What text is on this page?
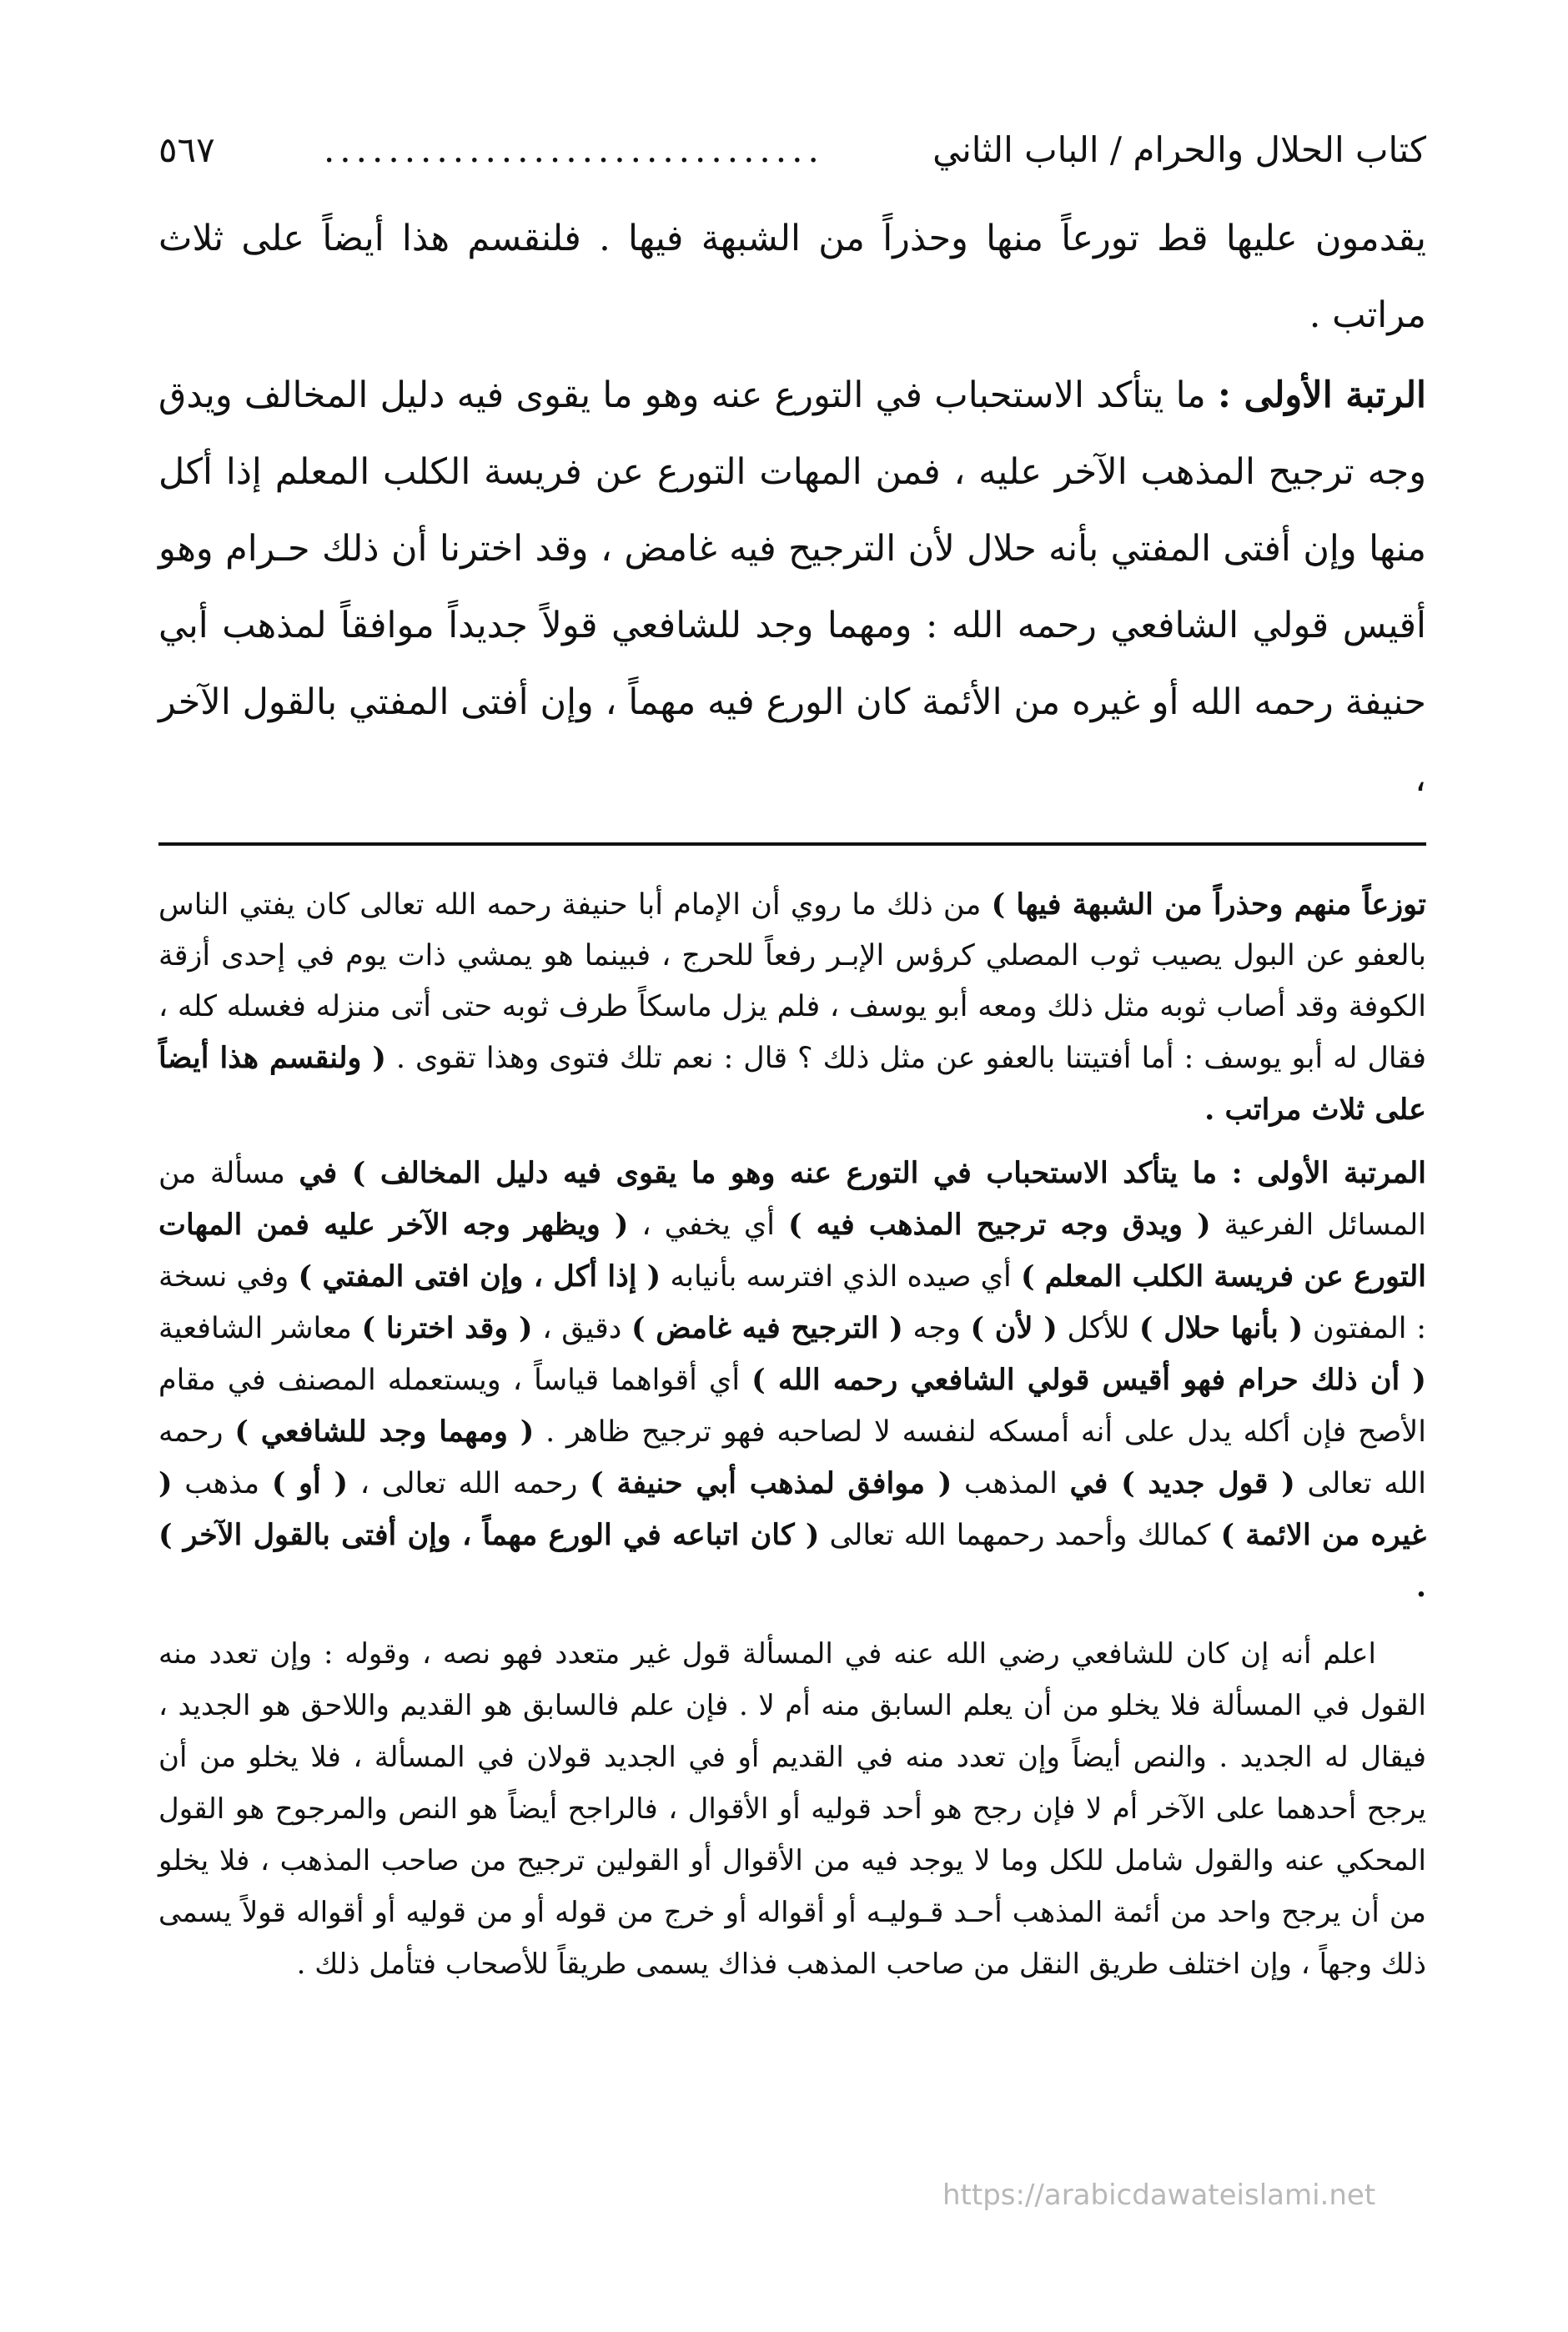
كتاب الحلال والحرام / الباب الثاني
...............................
٥٦٧

يقدمون عليها قط تورعاً منها وحذراً من الشبهة فيها . فلنقسم هذا أيضاً على ثلاث مراتب .

الرتبة الأولى : ما يتأكد الاستحباب في التورع عنه وهو ما يقوى فيه دليل المخالف ويدق وجه ترجيح المذهب الآخر عليه ، فمن المهات التورع عن فريسة الكلب المعلم إذا أكل منها وإن أفتى المفتي بأنه حلال لأن الترجيح فيه غامض ، وقد اخترنا أن ذلك حـرام وهو أقيس قولي الشافعي رحمه الله : ومهما وجد للشافعي قولاً جديداً موافقاً لمذهب أبي حنيفة رحمه الله أو غيره من الأئمة كان الورع فيه مهماً ، وإن أفتى المفتي بالقول الآخر ،

توزعاً منهم وحذراً من الشبهة فيها ) من ذلك ما روي أن الإمام أبا حنيفة رحمه الله تعالى كان يفتي الناس بالعفو عن البول يصيب ثوب المصلي كرؤس الإبـر رفعاً للحرج ، فبينما هو يمشي ذات يوم في إحدى أزقة الكوفة وقد أصاب ثوبه مثل ذلك ومعه أبو يوسف ، فلم يزل ماسكاً طرف ثوبه حتى أتى منزله فغسله كله ، فقال له أبو يوسف : أما أفتيتنا بالعفو عن مثل ذلك ؟ قال : نعم تلك فتوى وهذا تقوى . ( ولنقسم هذا أيضاً على ثلاث مراتب .

المرتبة الأولى : ما يتأكد الاستحباب في التورع عنه وهو ما يقوى فيه دليل المخالف ) في مسألة من المسائل الفرعية ( ويدق وجه ترجيح المذهب فيه ) أي يخفي ، ( ويظهر وجه الآخر عليه فمن المهات التورع عن فريسة الكلب المعلم ) أي صيده الذي افترسه بأنيابه ( إذا أكل ، وإن افتى المفتي ) وفي نسخة : المفتون ( بأنها حلال ) للأكل ( لأن ) وجه ( الترجيح فيه غامض ) دقيق ، ( وقد اخترنا ) معاشر الشافعية ( أن ذلك حرام فهو أقيس قولي الشافعي رحمه الله ) أي أقواهما قياساً ، ويستعمله المصنف في مقام الأصح فإن أكله يدل على أنه أمسكه لنفسه لا لصاحبه فهو ترجيح ظاهر . ( ومهما وجد للشافعي ) رحمه الله تعالى ( قول جديد ) في المذهب ( موافق لمذهب أبي حنيفة ) رحمه الله تعالى ، ( أو ) مذهب ( غيره من الائمة ) كمالك وأحمد رحمهما الله تعالى ( كان اتباعه في الورع مهماً ، وإن أفتى بالقول الآخر ) .

اعلم أنه إن كان للشافعي رضي الله عنه في المسألة قول غير متعدد فهو نصه ، وقوله : وإن تعدد منه القول في المسألة فلا يخلو من أن يعلم السابق منه أم لا . فإن علم فالسابق هو القديم واللاحق هو الجديد ، فيقال له الجديد . والنص أيضاً وإن تعدد منه في القديم أو في الجديد قولان في المسألة ، فلا يخلو من أن يرجح أحدهما على الآخر أم لا فإن رجح هو أحد قوليه أو الأقوال ، فالراجح أيضاً هو النص والمرجوح هو القول المحكي عنه والقول شامل للكل وما لا يوجد فيه من الأقوال أو القولين ترجيح من صاحب المذهب ، فلا يخلو من أن يرجح واحد من أئمة المذهب أحـد قـوليـه أو أقواله أو خرج من قوله أو من قوليه أو أقواله قولاً يسمى ذلك وجهاً ، وإن اختلف طريق النقل من صاحب المذهب فذاك يسمى طريقاً للأصحاب فتأمل ذلك .

https://arabicdawateislami.net
